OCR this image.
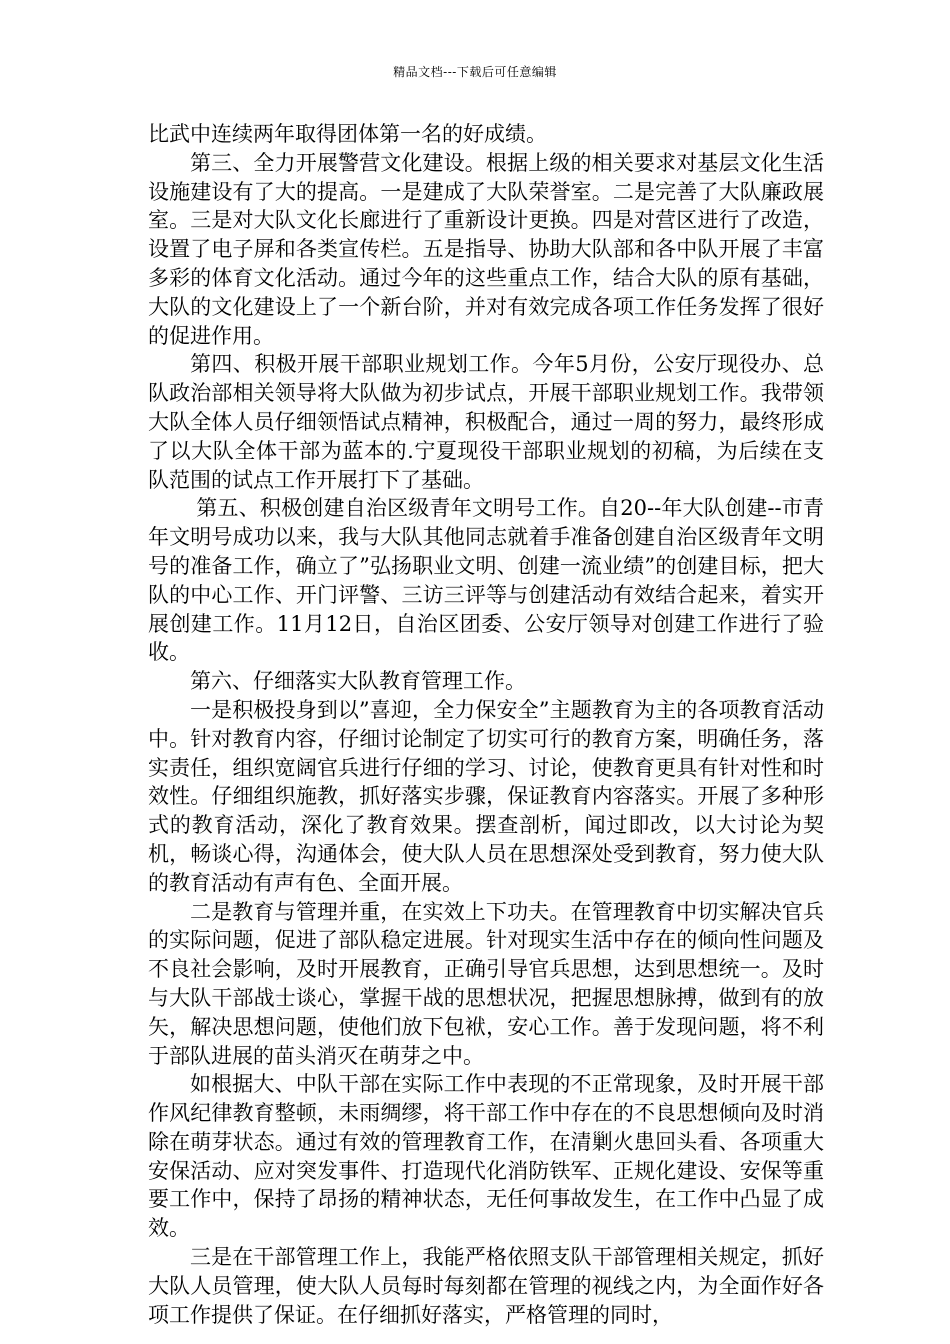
精品文档---下载后可任意编辑

比武中连续两年取得团体第一名的好成绩。

第三、全力开展警营文化建设。根据上级的相关要求对基层文化生活设施建设有了大的提高。一是建成了大队荣誉室。二是完善了大队廉政展室。三是对大队文化长廊进行了重新设计更换。四是对营区进行了改造，设置了电子屏和各类宣传栏。五是指导、协助大队部和各中队开展了丰富多彩的体育文化活动。通过今年的这些重点工作，结合大队的原有基础，大队的文化建设上了一个新台阶，并对有效完成各项工作任务发挥了很好的促进作用。

第四、积极开展干部职业规划工作。今年5月份，公安厅现役办、总队政治部相关领导将大队做为初步试点，开展干部职业规划工作。我带领大队全体人员仔细领悟试点精神，积极配合，通过一周的努力，最终形成了以大队全体干部为蓝本的.宁夏现役干部职业规划的初稿，为后续在支队范围的试点工作开展打下了基础。

第五、积极创建自治区级青年文明号工作。自20--年大队创建--市青年文明号成功以来，我与大队其他同志就着手准备创建自治区级青年文明号的准备工作，确立了”弘扬职业文明、创建一流业绩”的创建目标，把大队的中心工作、开门评警、三访三评等与创建活动有效结合起来，着实开展创建工作。11月12日，自治区团委、公安厅领导对创建工作进行了验收。

第六、仔细落实大队教育管理工作。

一是积极投身到以”喜迎，全力保安全”主题教育为主的各项教育活动中。针对教育内容，仔细讨论制定了切实可行的教育方案，明确任务，落实责任，组织宽阔官兵进行仔细的学习、讨论，使教育更具有针对性和时效性。仔细组织施教，抓好落实步骤，保证教育内容落实。开展了多种形式的教育活动，深化了教育效果。摆查剖析，闻过即改，以大讨论为契机，畅谈心得，沟通体会，使大队人员在思想深处受到教育，努力使大队的教育活动有声有色、全面开展。

二是教育与管理并重，在实效上下功夫。在管理教育中切实解决官兵的实际问题，促进了部队稳定进展。针对现实生活中存在的倾向性问题及不良社会影响，及时开展教育，正确引导官兵思想，达到思想统一。及时与大队干部战士谈心，掌握干战的思想状况，把握思想脉搏，做到有的放矢，解决思想问题，使他们放下包袱，安心工作。善于发现问题，将不利于部队进展的苗头消灭在萌芽之中。

如根据大、中队干部在实际工作中表现的不正常现象，及时开展干部作风纪律教育整顿，未雨绸缪，将干部工作中存在的不良思想倾向及时消除在萌芽状态。通过有效的管理教育工作，在清剿火患回头看、各项重大安保活动、应对突发事件、打造现代化消防铁军、正规化建设、安保等重要工作中，保持了昂扬的精神状态，无任何事故发生，在工作中凸显了成效。

三是在干部管理工作上，我能严格依照支队干部管理相关规定，抓好大队人员管理，使大队人员每时每刻都在管理的视线之内，为全面作好各项工作提供了保证。在仔细抓好落实，严格管理的同时，
